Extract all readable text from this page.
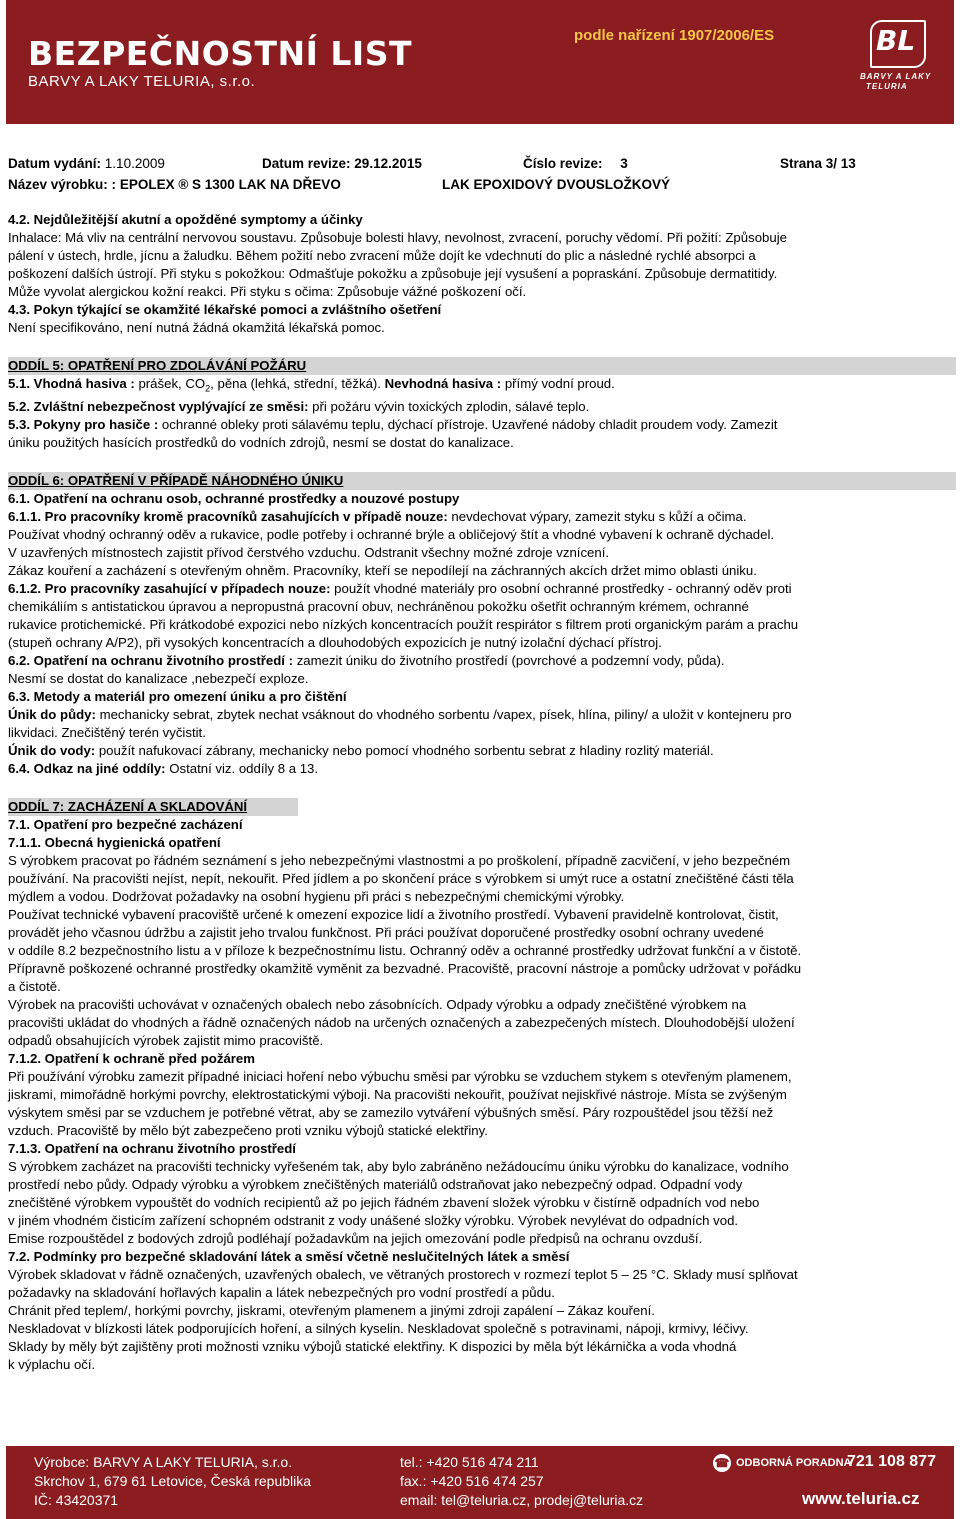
BEZPEČNOSTNÍ LIST
BARVY A LAKY TELURIA, s.r.o.
podle nařízení 1907/2006/ES	BL
BARVY A LAKY
TELURIA
Datum vydání: 1.10.2009	Datum revize: 29.12.2015	Číslo revize: 3	Strana 3/ 13
Název výrobku: : EPOLEX ® S 1300 LAK NA DŘEVO	LAK EPOXIDOVÝ DVOUSLOŽKOVÝ

4.2. Nejdůležitější akutní a opožděné symptomy a účinky

Inhalace: Má vliv na centrální nervovou soustavu. Způsobuje bolesti hlavy, nevolnost, zvracení, poruchy vědomí. Při požití: Způsobuje

pálení v ústech, hrdle, jícnu a žaludku. Během požití nebo zvracení může dojít ke vdechnutí do plic a následné rychlé absorpci a

poškození dalších ústrojí. Při styku s pokožkou: Odmašťuje pokožku a způsobuje její vysušení a popraskání. Způsobuje dermatitidy.

Může vyvolat alergickou kožní reakci. Při styku s očima: Způsobuje vážné poškození očí.

4.3. Pokyn týkající se okamžité lékařské pomoci a zvláštního ošetření

Není specifikováno, není nutná žádná okamžitá lékařská pomoc.

ODDÍL 5: OPATŘENÍ PRO ZDOLÁVÁNÍ POŽÁRU

5.1. Vhodná hasiva : prášek, $CO_2$, pěna (lehká, střední, těžká). Nevhodná hasiva : přímý vodní proud.

5.2. Zvláštní nebezpečnost vyplývající ze směsi: při požáru vývin toxických zplodin, sálavé teplo.

5.3. Pokyny pro hasiče : ochranné obleky proti sálavému teplu, dýchací přístroje. Uzavřené nádoby chladit proudem vody. Zamezit

úniku použitých hasících prostředků do vodních zdrojů, nesmí se dostat do kanalizace.

ODDÍL 6: OPATŘENÍ V PŘÍPADĚ NÁHODNÉHO ÚNIKU

6.1. Opatření na ochranu osob, ochranné prostředky a nouzové postupy

6.1.1. Pro pracovníky kromě pracovníků zasahujících v případě nouze: nevdechovat výpary, zamezit styku s kůží a očima.

Používat vhodný ochranný oděv a rukavice, podle potřeby i ochranné brýle a obličejový štít a vhodné vybavení k ochraně dýchadel.

V uzavřených místnostech zajistit přívod čerstvého vzduchu. Odstranit všechny možné zdroje vznícení.

Zákaz kouření a zacházení s otevřeným ohněm. Pracovníky, kteří se nepodílejí na záchranných akcích držet mimo oblasti úniku.

6.1.2. Pro pracovníky zasahující v případech nouze: použít vhodné materiály pro osobní ochranné prostředky - ochranný oděv proti

chemikáliím s antistatickou úpravou a nepropustná pracovní obuv, nechráněnou pokožku ošetřit ochranným krémem, ochranné

rukavice protichemické. Při krátkodobé expozici nebo nízkých koncentracích použít respirátor s filtrem proti organickým parám a prachu

(stupeň ochrany A/P2), při vysokých koncentracích a dlouhodobých expozicích je nutný izolační dýchací přístroj.

6.2. Opatření na ochranu životního prostředí : zamezit úniku do životního prostředí (povrchové a podzemní vody, půda).

Nesmí se dostat do kanalizace ,nebezpečí exploze.

6.3. Metody a materiál pro omezení úniku a pro čištění

Únik do půdy: mechanicky sebrat, zbytek nechat vsáknout do vhodného sorbentu /vapex, písek, hlína, piliny/ a uložit v kontejneru pro

likvidaci. Znečištěný terén vyčistit.

Únik do vody: použít nafukovací zábrany, mechanicky nebo pomocí vhodného sorbentu sebrat z hladiny rozlitý materiál.

6.4. Odkaz na jiné oddíly: Ostatní viz. oddíly 8 a 13.

ODDÍL 7: ZACHÁZENÍ A SKLADOVÁNÍ

7.1. Opatření pro bezpečné zacházení

7.1.1. Obecná hygienická opatření

S výrobkem pracovat po řádném seznámení s jeho nebezpečnými vlastnostmi a po proškolení, případně zacvičení, v jeho bezpečném

používání. Na pracovišti nejíst, nepít, nekouřit. Před jídlem a po skončení práce s výrobkem si umýt ruce a ostatní znečištěné části těla

mýdlem a vodou. Dodržovat požadavky na osobní hygienu při práci s nebezpečnými chemickými výrobky.

Používat technické vybavení pracoviště určené k omezení expozice lidí a životního prostředí. Vybavení pravidelně kontrolovat, čistit,

provádět jeho včasnou údržbu a zajistit jeho trvalou funkčnost. Při práci používat doporučené prostředky osobní ochrany uvedené

v oddíle 8.2 bezpečnostního listu a v příloze k bezpečnostnímu listu. Ochranný oděv a ochranné prostředky udržovat funkční a v čistotě.

Přípravně poškozené ochranné prostředky okamžitě vyměnit za bezvadné. Pracoviště, pracovní nástroje a pomůcky udržovat v pořádku

a čistotě.

Výrobek na pracovišti uchovávat v označených obalech nebo zásobnících. Odpady výrobku a odpady znečištěné výrobkem na

pracovišti ukládat do vhodných a řádně označených nádob na určených označených a zabezpečených místech. Dlouhodobější uložení

odpadů obsahujících výrobek zajistit mimo pracoviště.

7.1.2. Opatření k ochraně před požárem

Při používání výrobku zamezit případné iniciaci hoření nebo výbuchu směsi par výrobku se vzduchem stykem s otevřeným plamenem,

jiskrami, mimořádně horkými povrchy, elektrostatickými výboji. Na pracovišti nekouřit, používat nejiskřivé nástroje. Místa se zvýšeným

výskytem směsi par se vzduchem je potřebné větrat, aby se zamezilo vytváření výbušných směsí. Páry rozpouštědel jsou těžší než

vzduch. Pracoviště by mělo být zabezpečeno proti vzniku výbojů statické elektřiny.

7.1.3. Opatření na ochranu životního prostředí

S výrobkem zacházet na pracovišti technicky vyřešeném tak, aby bylo zabráněno nežádoucímu úniku výrobku do kanalizace, vodního

prostředí nebo půdy. Odpady výrobku a výrobkem znečištěných materiálů odstraňovat jako nebezpečný odpad. Odpadní vody

znečištěné výrobkem vypouštět do vodních recipientů až po jejich řádném zbavení složek výrobku v čistírně odpadních vod nebo

v jiném vhodném čisticím zařízení schopném odstranit z vody unášené složky výrobku. Výrobek nevylévat do odpadních vod.

Emise rozpouštědel z bodových zdrojů podléhají požadavkům na jejich omezování podle předpisů na ochranu ovzduší.

7.2. Podmínky pro bezpečné skladování látek a směsí včetně neslučitelných látek a směsí

Výrobek skladovat v řádně označených, uzavřených obalech, ve větraných prostorech v rozmezí teplot 5 – 25 °C. Sklady musí splňovat

požadavky na skladování hořlavých kapalin a látek nebezpečných pro vodní prostředí a půdu.

Chránit před teplem/, horkými povrchy, jiskrami, otevřeným plamenem a jinými zdroji zapálení – Zákaz kouření.

Neskladovat v blízkosti látek podporujících hoření, a silných kyselin. Neskladovat společně s potravinami, nápoji, krmivy, léčivy.

Sklady by měly být zajištěny proti možnosti vzniku výbojů statické elektřiny. K dispozici by měla být lékárnička a voda vhodná

k výplachu očí.

Výrobce: BARVY A LAKY TELURIA, s.r.o.
Skrchov 1, 679 61 Letovice, Česká republika
IČ: 43420371
tel.: +420 516 474 211
fax.: +420 516 474 257
email: tel@teluria.cz, prodej@teluria.cz
☎ ODBORNÁ PORADNA
721 108 877
www.teluria.cz
